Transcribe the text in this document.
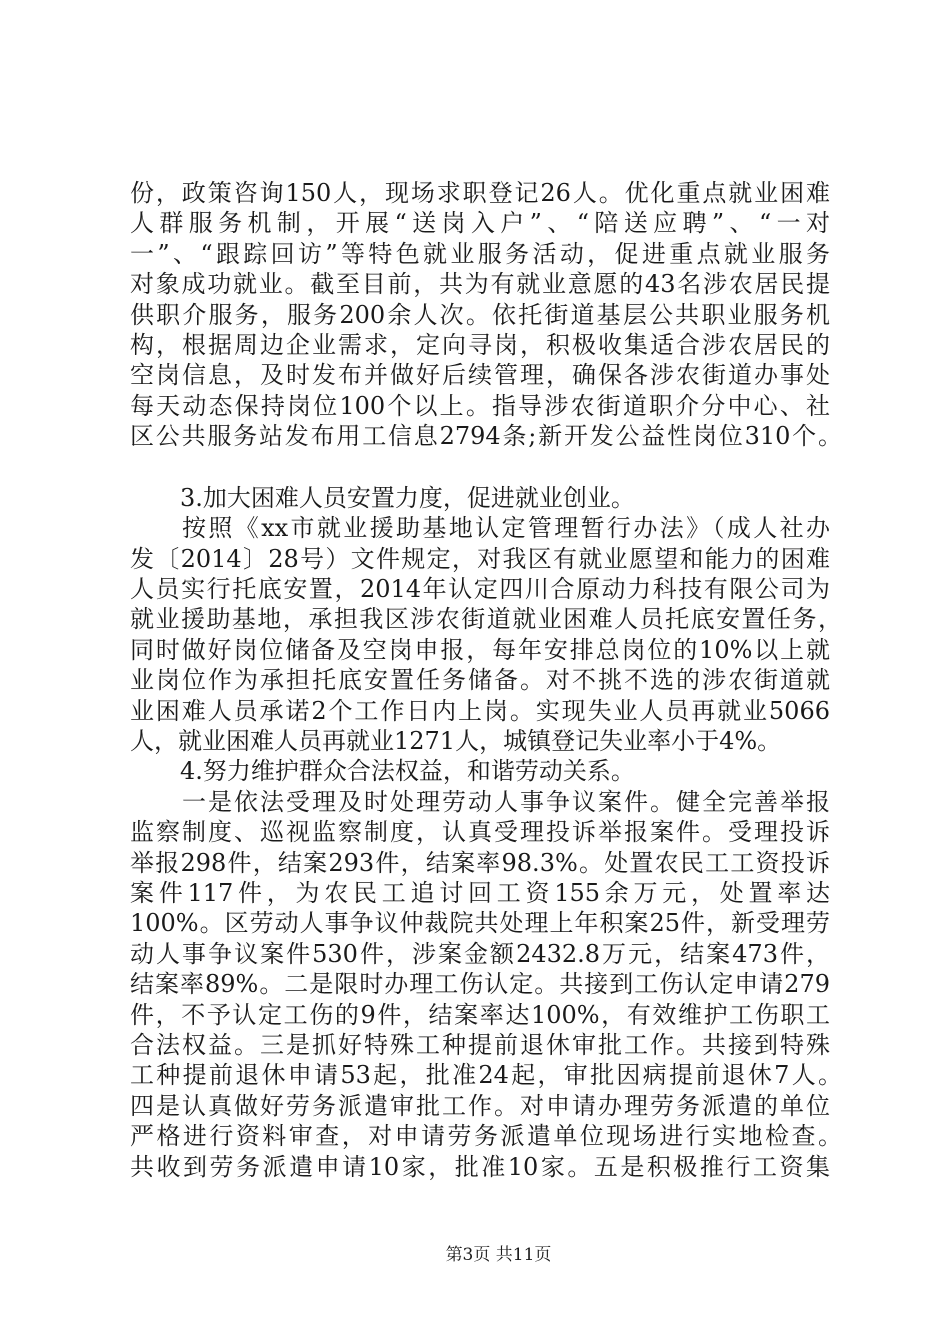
份，政策咨询150人，现场求职登记26人。优化重点就业困难
人群服务机制，开展“送岗入户”、“陪送应聘”、“一对
一”、“跟踪回访”等特色就业服务活动，促进重点就业服务
对象成功就业。截至目前，共为有就业意愿的43名涉农居民提
供职介服务，服务200余人次。依托街道基层公共职业服务机
构，根据周边企业需求，定向寻岗，积极收集适合涉农居民的
空岗信息，及时发布并做好后续管理，确保各涉农街道办事处
每天动态保持岗位100个以上。指导涉农街道职介分中心、社
区公共服务站发布用工信息2794条;新开发公益性岗位310个。
3.加大困难人员安置力度，促进就业创业。
按照《xx市就业援助基地认定管理暂行办法》（成人社办
发〔2014〕28号）文件规定，对我区有就业愿望和能力的困难
人员实行托底安置，2014年认定四川合原动力科技有限公司为
就业援助基地，承担我区涉农街道就业困难人员托底安置任务，
同时做好岗位储备及空岗申报，每年安排总岗位的10%以上就
业岗位作为承担托底安置任务储备。对不挑不选的涉农街道就
业困难人员承诺2个工作日内上岗。实现失业人员再就业5066
人，就业困难人员再就业1271人，城镇登记失业率小于4%。
4.努力维护群众合法权益，和谐劳动关系。
一是依法受理及时处理劳动人事争议案件。健全完善举报
监察制度、巡视监察制度，认真受理投诉举报案件。受理投诉
举报298件，结案293件，结案率98.3%。处置农民工工资投诉
案件117件，为农民工追讨回工资155余万元，处置率达
100%。区劳动人事争议仲裁院共处理上年积案25件，新受理劳
动人事争议案件530件，涉案金额2432.8万元，结案473件，
结案率89%。二是限时办理工伤认定。共接到工伤认定申请279
件，不予认定工伤的9件，结案率达100%，有效维护工伤职工
合法权益。三是抓好特殊工种提前退休审批工作。共接到特殊
工种提前退休申请53起，批准24起，审批因病提前退休7人。
四是认真做好劳务派遣审批工作。对申请办理劳务派遣的单位
严格进行资料审查，对申请劳务派遣单位现场进行实地检查。
共收到劳务派遣申请10家，批准10家。五是积极推行工资集
第3页 共11页
